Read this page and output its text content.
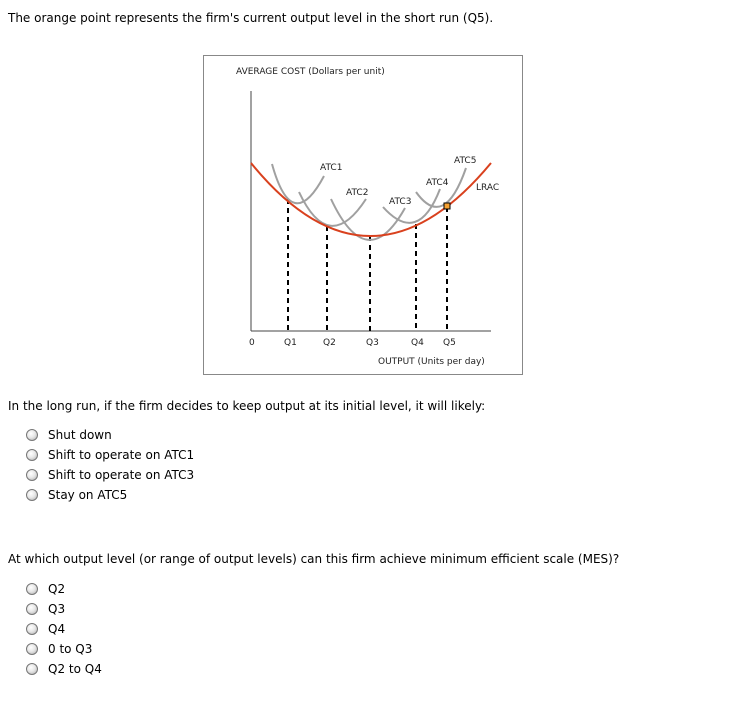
The orange point represents the firm's current output level in the short run (Q5).
AVERAGE COST (Dollars per unit)
ATC1
ATC2
ATC3
ATC4
ATC5
LRAC
0	Q1	Q2	Q3	Q4 Q5
OUTPUT (Units per day)
In the long run, if the firm decides to keep output at its initial level, it will likely:
Shut down
Shift to operate on ATC1
Shift to operate on ATC3
Stay on ATC5
At which output level (or range of output levels) can this firm achieve minimum efficient scale (MES)?
Q2
Q3
Q4
0 to Q3
Q2 to Q4
